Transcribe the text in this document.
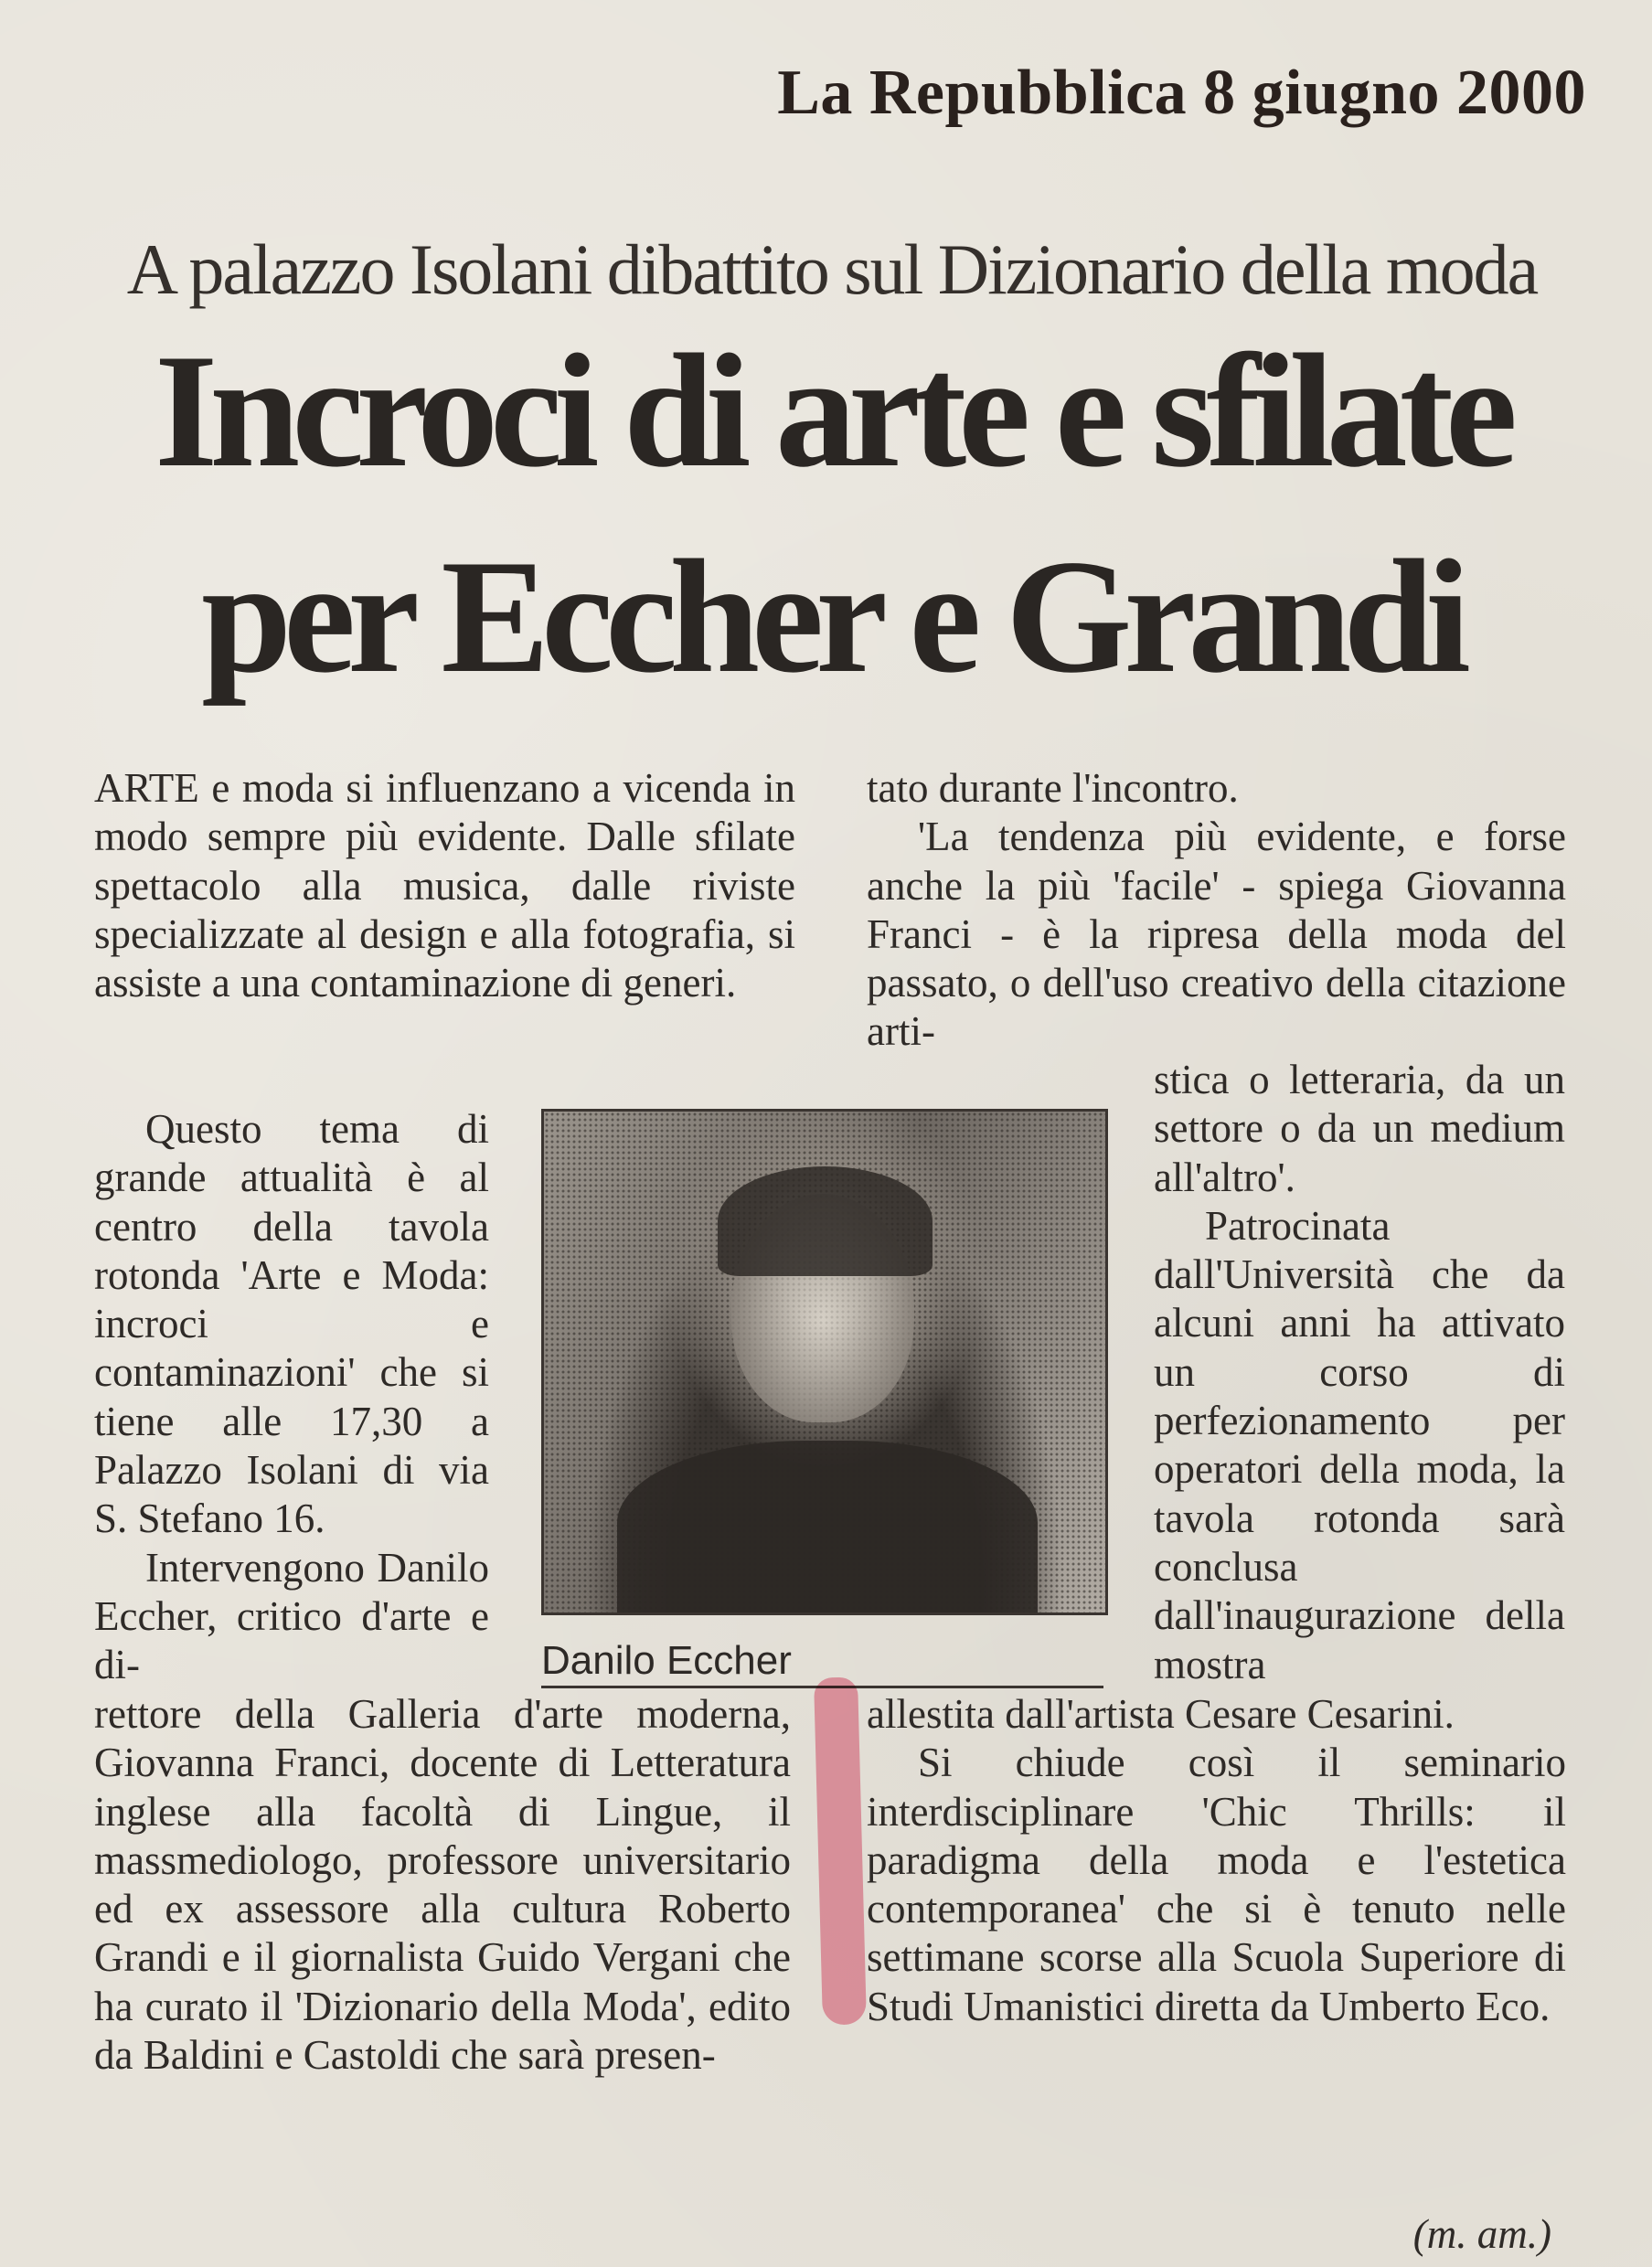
La Repubblica 8 giugno 2000
A palazzo Isolani dibattito sul Dizionario della moda
Incroci di arte e sfilate
per Eccher e Grandi

ARTE e moda si influenzano a vicenda in modo sempre più evidente. Dalle sfilate spettacolo alla musica, dalle riviste specializzate al design e alla fotografia, si assiste a una contaminazione di generi.

Questo tema di grande attualità è al centro della tavola rotonda 'Arte e Moda: incroci e contaminazioni' che si tiene alle 17,30 a Palazzo Isolani di via S. Stefano 16.

Intervengono Danilo Eccher, critico d'arte e di-

rettore della Galleria d'arte moderna, Giovanna Franci, docente di Letteratura inglese alla facoltà di Lingue, il massmediologo, professore universitario ed ex assessore alla cultura Roberto Grandi e il giornalista Guido Vergani che ha curato il 'Dizionario della Moda', edito da Baldini e Castoldi che sarà presen-

tato durante l'incontro.

'La tendenza più evidente, e forse anche la più 'facile' - spiega Giovanna Franci - è la ripresa della moda del passato, o dell'uso creativo della citazione arti-

stica o letteraria, da un settore o da un medium all'altro'.

Patrocinata dall'Università che da alcuni anni ha attivato un corso di perfezionamento per operatori della moda, la tavola rotonda sarà conclusa dall'inaugurazione della mostra

allestita dall'artista Cesare Cesarini.

Si chiude così il seminario interdisciplinare 'Chic Thrills: il paradigma della moda e l'estetica contemporanea' che si è tenuto nelle settimane scorse alla Scuola Superiore di Studi Umanistici diretta da Umberto Eco.

Danilo Eccher
(m. am.)
